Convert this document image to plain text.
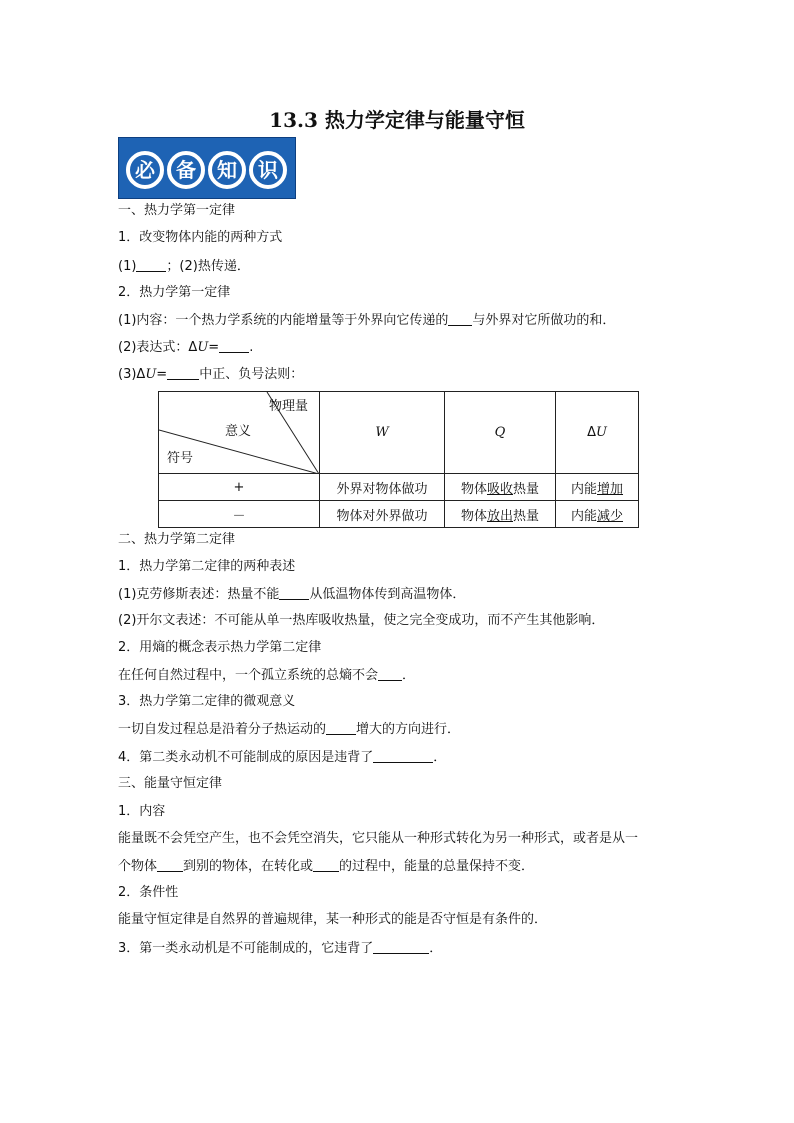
13.3 热力学定律与能量守恒
必 备 知 识
一、热力学第一定律
1．改变物体内能的两种方式
(1) ；(2)热传递．
2．热力学第一定律
(1)内容：一个热力学系统的内能增量等于外界向它传递的 与外界对它所做功的和．
(2)表达式：ΔU= .
(3)ΔU= 中正、负号法则：
物理量
意义
符号	W	Q	ΔU
+	外界对物体做功	物体吸收热量	内能增加
－	物体对外界做功	物体放出热量	内能减少
二、热力学第二定律
1．热力学第二定律的两种表述
(1)克劳修斯表述：热量不能 从低温物体传到高温物体．
(2)开尔文表述：不可能从单一热库吸收热量，使之完全变成功，而不产生其他影响．
2．用熵的概念表示热力学第二定律
在任何自然过程中，一个孤立系统的总熵不会 ．
3．热力学第二定律的微观意义
一切自发过程总是沿着分子热运动的 增大的方向进行．
4．第二类永动机不可能制成的原因是违背了	．
三、能量守恒定律
1．内容
能量既不会凭空产生，也不会凭空消失，它只能从一种形式转化为另一种形式，或者是从一
个物体 到别的物体，在转化或 的过程中，能量的总量保持不变．
2．条件性
能量守恒定律是自然界的普遍规律，某一种形式的能是否守恒是有条件的．
3．第一类永动机是不可能制成的，它违背了	．
